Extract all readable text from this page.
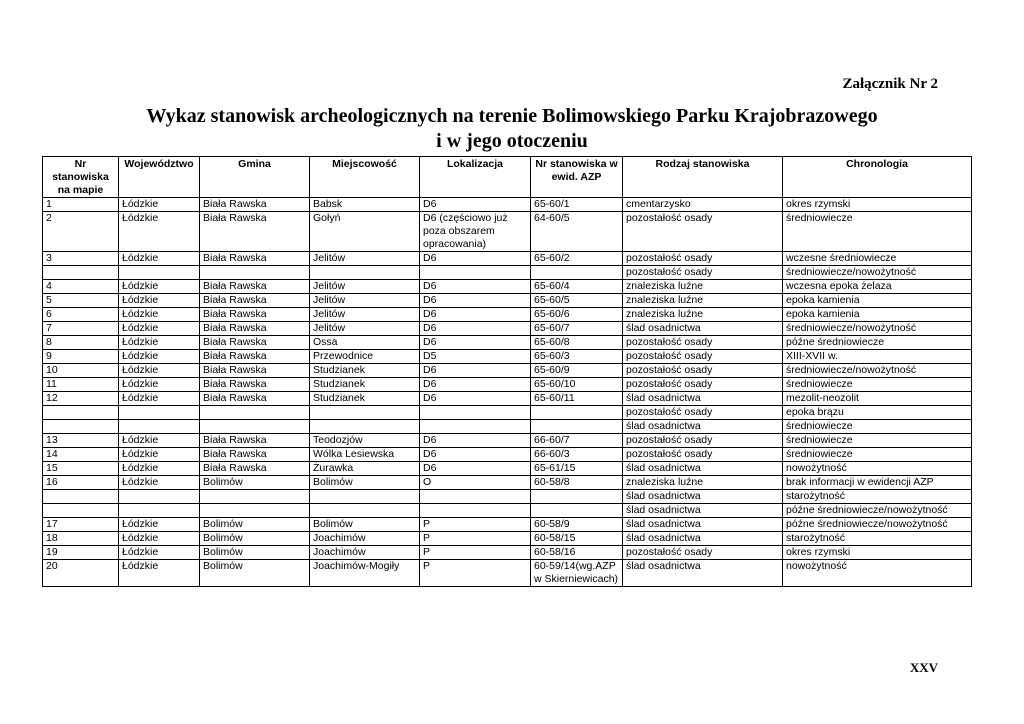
Załącznik Nr 2
Wykaz stanowisk archeologicznych na terenie Bolimowskiego Parku Krajobrazowego
i w jego otoczeniu
Nr stanowiska na mapie	Województwo	Gmina	Miejscowość	Lokalizacja	Nr stanowiska w ewid. AZP	Rodzaj stanowiska	Chronologia
1	Łódzkie	Biała Rawska	Babsk	D6	65-60/1	cmentarzysko	okres rzymski
2	Łódzkie	Biała Rawska	Gołyń	D6 (częściowo już poza obszarem opracowania)	64-60/5	pozostałość osady	średniowiecze
3	Łódzkie	Biała Rawska	Jelitów	D6	65-60/2	pozostałość osady	wczesne średniowiecze
						pozostałość osady	średniowiecze/nowożytność
4	Łódzkie	Biała Rawska	Jelitów	D6	65-60/4	znaleziska luźne	wczesna epoka żelaza
5	Łódzkie	Biała Rawska	Jelitów	D6	65-60/5	znaleziska luźne	epoka kamienia
6	Łódzkie	Biała Rawska	Jelitów	D6	65-60/6	znaleziska luźne	epoka kamienia
7	Łódzkie	Biała Rawska	Jelitów	D6	65-60/7	ślad osadnictwa	średniowiecze/nowożytność
8	Łódzkie	Biała Rawska	Ossa	D6	65-60/8	pozostałość osady	późne średniowiecze
9	Łódzkie	Biała Rawska	Przewodnice	D5	65-60/3	pozostałość osady	XIII-XVII w.
10	Łódzkie	Biała Rawska	Studzianek	D6	65-60/9	pozostałość osady	średniowiecze/nowożytność
11	Łódzkie	Biała Rawska	Studzianek	D6	65-60/10	pozostałość osady	średniowiecze
12	Łódzkie	Biała Rawska	Studzianek	D6	65-60/11	ślad osadnictwa	mezolit-neozolit
						pozostałość osady	epoka brązu
						ślad osadnictwa	średniowiecze
13	Łódzkie	Biała Rawska	Teodozjów	D6	66-60/7	pozostałość osady	średniowiecze
14	Łódzkie	Biała Rawska	Wólka Lesiewska	D6	66-60/3	pozostałość osady	średniowiecze
15	Łódzkie	Biała Rawska	Żurawka	D6	65-61/15	ślad osadnictwa	nowożytność
16	Łódzkie	Bolimów	Bolimów	O	60-58/8	znaleziska luźne	brak informacji w ewidencji AZP
						ślad osadnictwa	starożytność
						ślad osadnictwa	późne średniowiecze/nowożytność
17	Łódzkie	Bolimów	Bolimów	P	60-58/9	ślad osadnictwa	późne średniowiecze/nowożytność
18	Łódzkie	Bolimów	Joachimów	P	60-58/15	ślad osadnictwa	starożytność
19	Łódzkie	Bolimów	Joachimów	P	60-58/16	pozostałość osady	okres rzymski
20	Łódzkie	Bolimów	Joachimów-Mogiły	P	60-59/14(wg.AZP w Skierniewicach)	ślad osadnictwa	nowożytność
XXV
